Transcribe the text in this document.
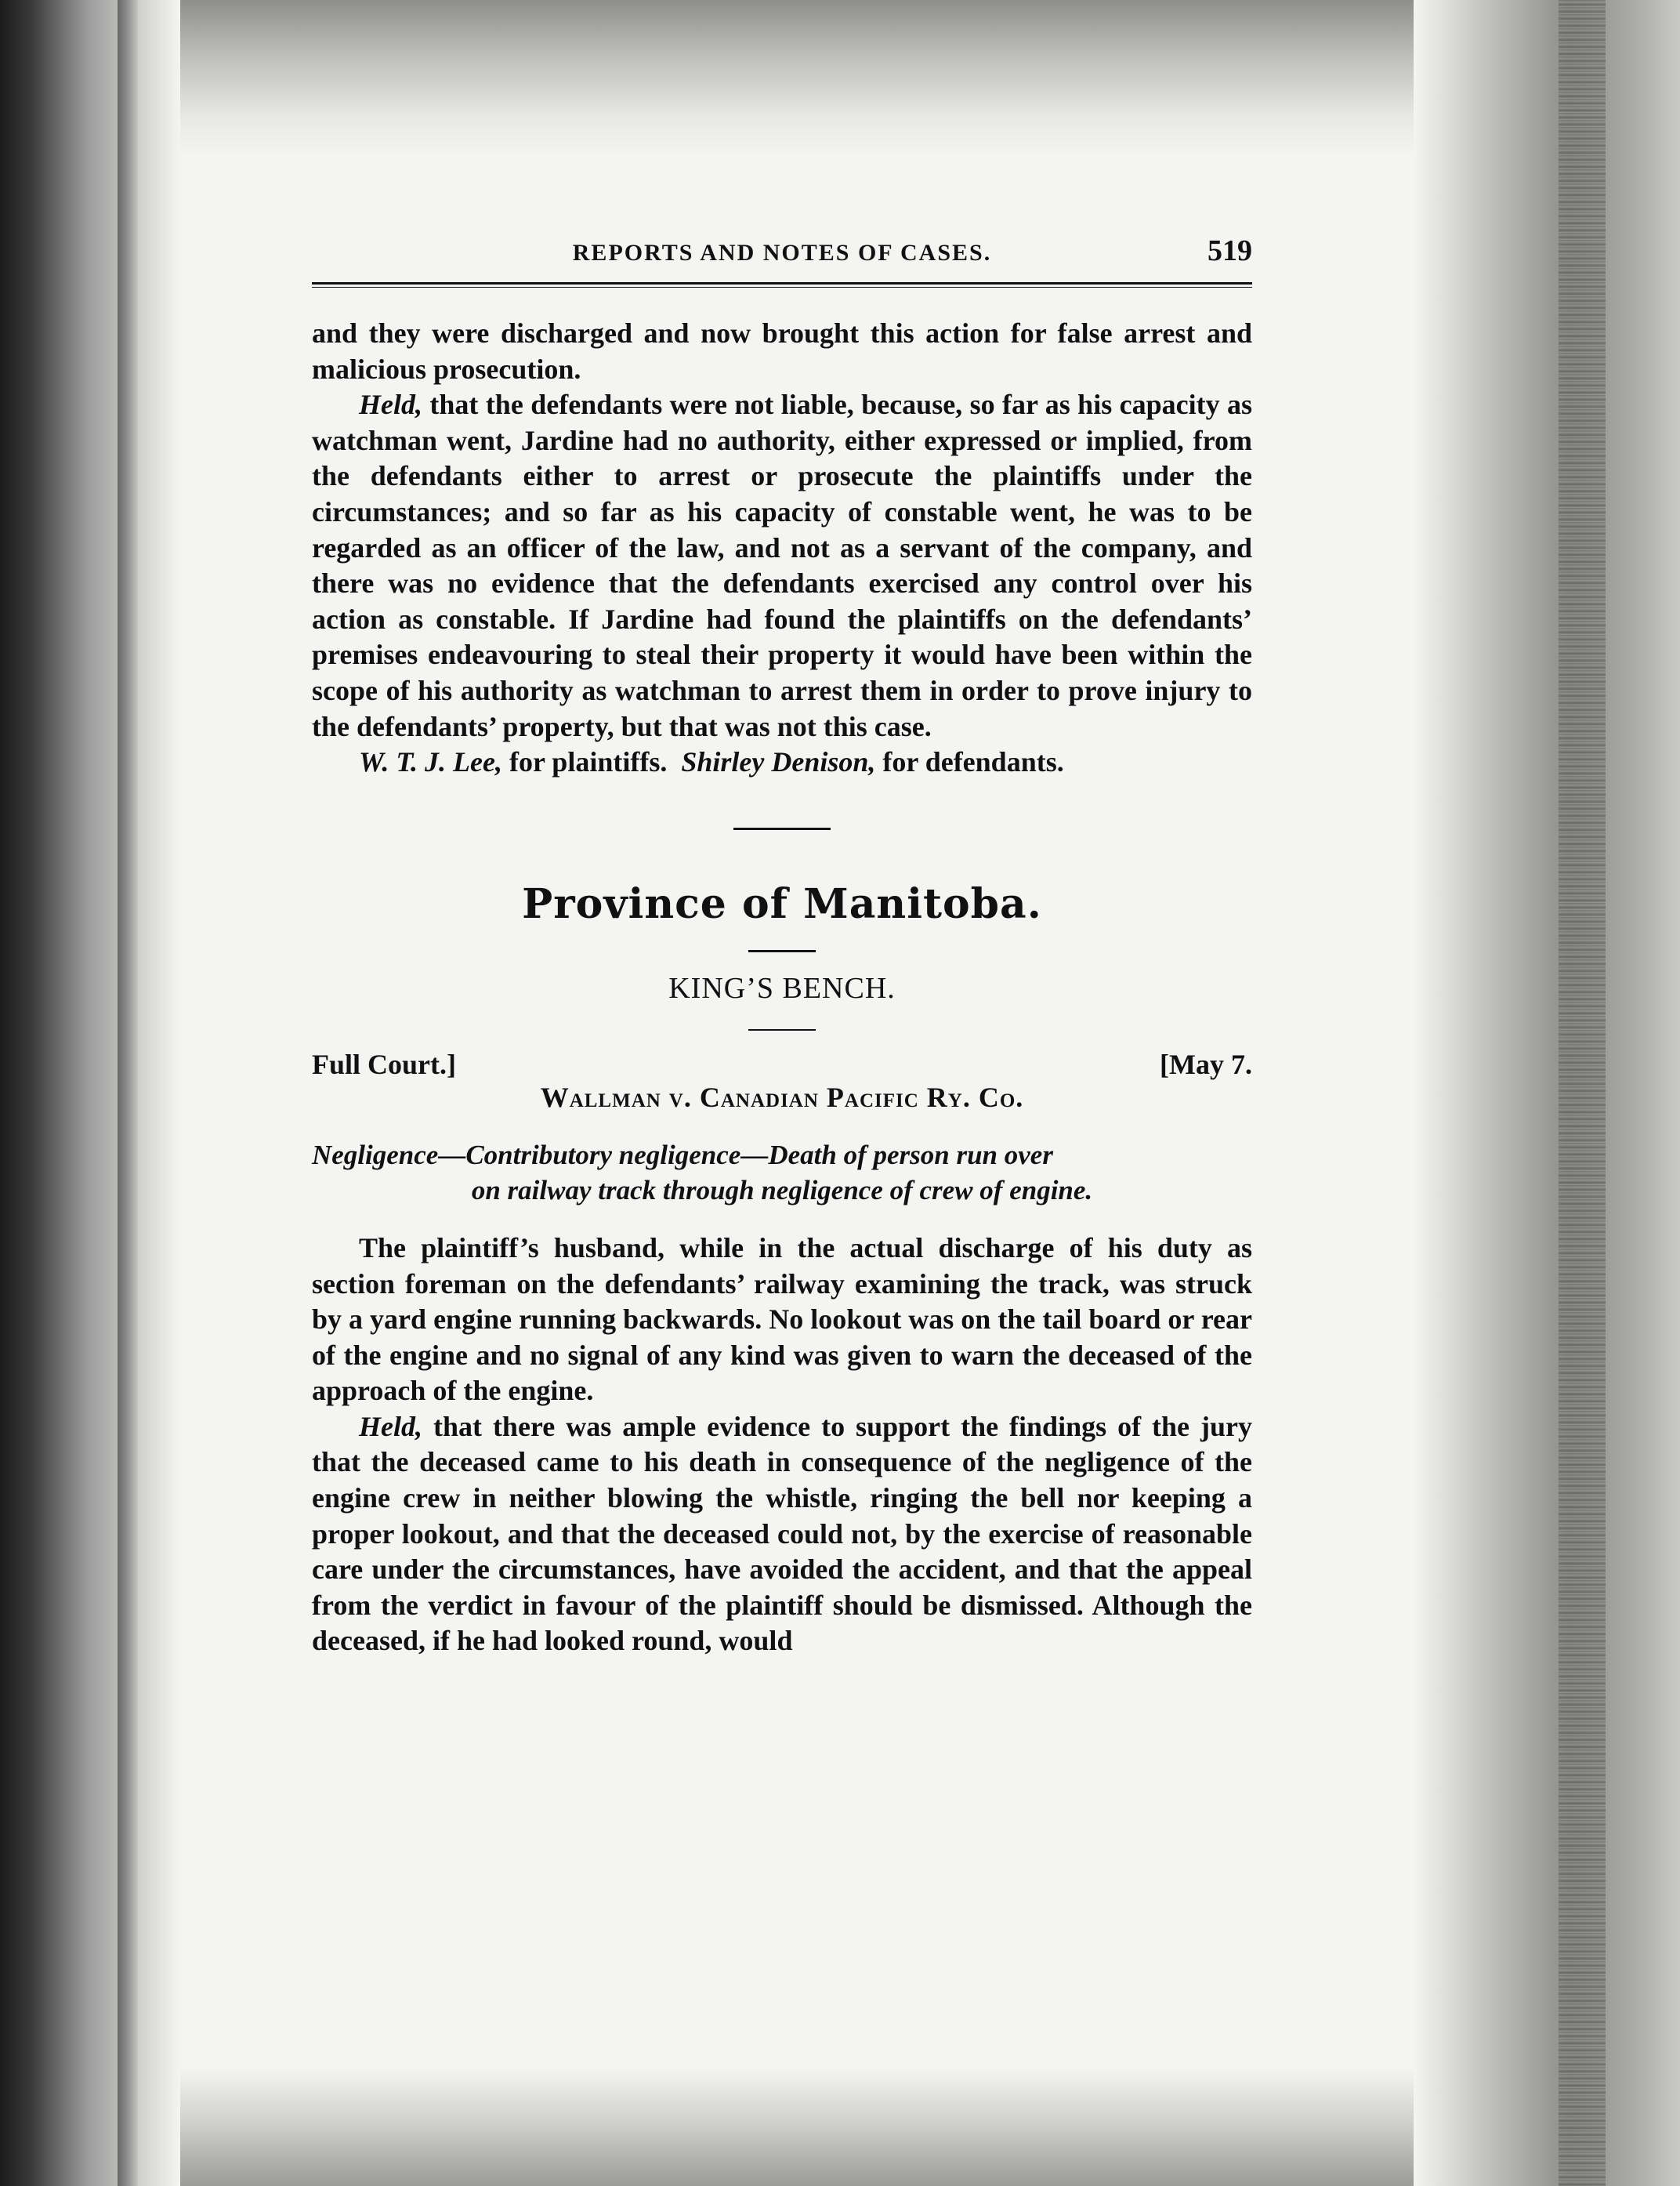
REPORTS AND NOTES OF CASES.	519

and they were discharged and now brought this action for false arrest and malicious prosecution.

Held, that the defendants were not liable, because, so far as his capacity as watchman went, Jardine had no authority, either expressed or implied, from the defendants either to arrest or prosecute the plaintiffs under the circumstances; and so far as his capacity of constable went, he was to be regarded as an officer of the law, and not as a servant of the company, and there was no evidence that the defendants exercised any control over his action as constable. If Jardine had found the plaintiffs on the defendants’ premises endeavouring to steal their property it would have been within the scope of his authority as watchman to arrest them in order to prove injury to the defendants’ property, but that was not this case.

W. T. J. Lee, for plaintiffs. Shirley Denison, for defendants.

Province of Manitoba.
KING’S BENCH.
Full Court.]	[May 7.
Wallman v. Canadian Pacific Ry. Co.

Negligence—Contributory negligence—Death of person run over

on railway track through negligence of crew of engine.

The plaintiff’s husband, while in the actual discharge of his duty as section foreman on the defendants’ railway examining the track, was struck by a yard engine running backwards. No lookout was on the tail board or rear of the engine and no signal of any kind was given to warn the deceased of the approach of the engine.

Held, that there was ample evidence to support the findings of the jury that the deceased came to his death in consequence of the negligence of the engine crew in neither blowing the whistle, ringing the bell nor keeping a proper lookout, and that the deceased could not, by the exercise of reasonable care under the circumstances, have avoided the accident, and that the appeal from the verdict in favour of the plaintiff should be dismissed. Although the deceased, if he had looked round, would
